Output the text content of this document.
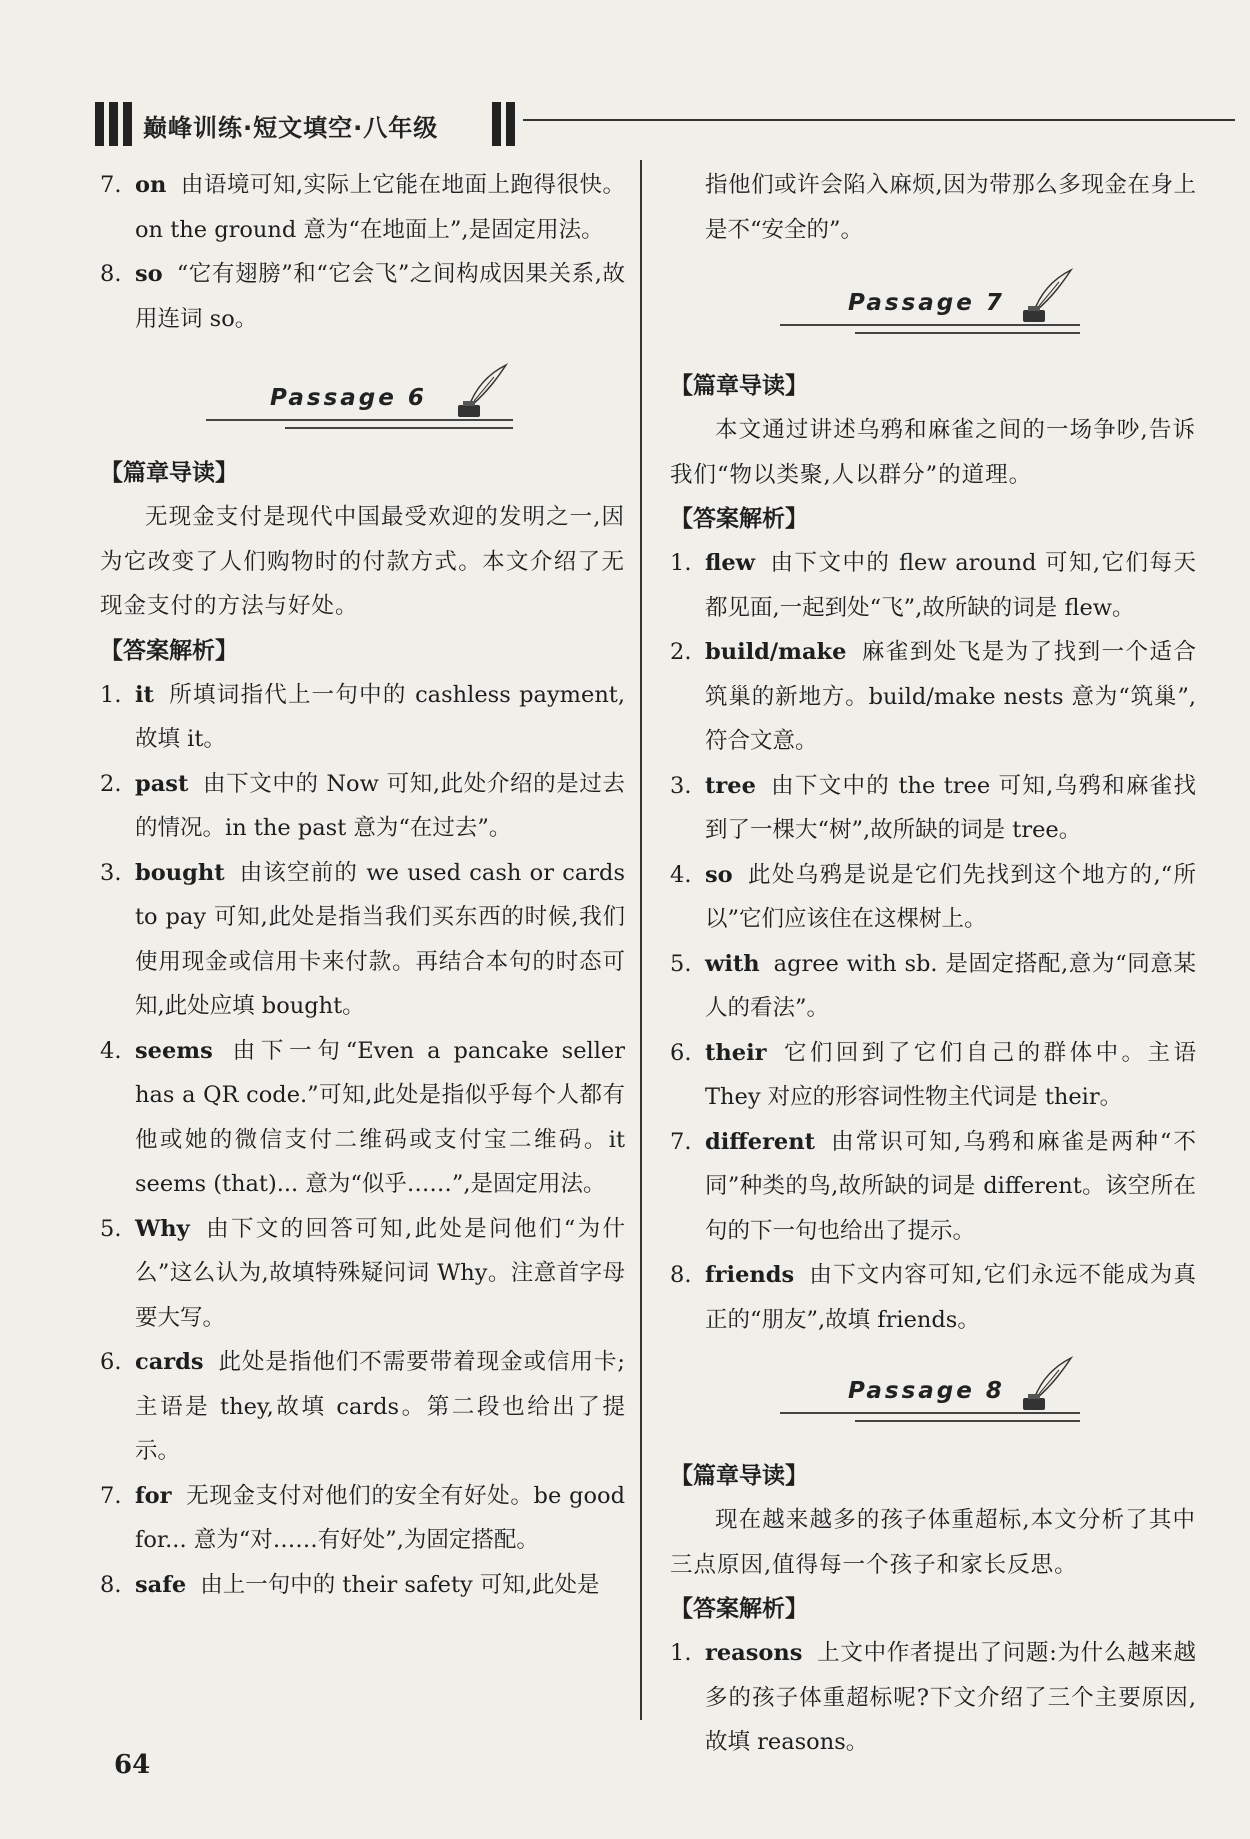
巅峰训练·短文填空·八年级
7. on 由语境可知,实际上它能在地面上跑得很快。on the ground 意为“在地面上”,是固定用法。
8. so “它有翅膀”和“它会飞”之间构成因果关系,故用连词 so。
Passage 6
【篇章导读】
无现金支付是现代中国最受欢迎的发明之一,因为它改变了人们购物时的付款方式。本文介绍了无现金支付的方法与好处。
【答案解析】
1. it 所填词指代上一句中的 cashless payment,故填 it。
2. past 由下文中的 Now 可知,此处介绍的是过去的情况。in the past 意为“在过去”。
3. bought 由该空前的 we used cash or cards to pay 可知,此处是指当我们买东西的时候,我们使用现金或信用卡来付款。再结合本句的时态可知,此处应填 bought。
4. seems 由下一句“Even a pancake seller has a QR code.”可知,此处是指似乎每个人都有他或她的微信支付二维码或支付宝二维码。it seems (that)... 意为“似乎……”,是固定用法。
5. Why 由下文的回答可知,此处是问他们“为什么”这么认为,故填特殊疑问词 Why。注意首字母要大写。
6. cards 此处是指他们不需要带着现金或信用卡;主语是 they,故填 cards。第二段也给出了提示。
7. for 无现金支付对他们的安全有好处。be good for... 意为“对……有好处”,为固定搭配。
8. safe 由上一句中的 their safety 可知,此处是
指他们或许会陷入麻烦,因为带那么多现金在身上是不“安全的”。
Passage 7
【篇章导读】
本文通过讲述乌鸦和麻雀之间的一场争吵,告诉我们“物以类聚,人以群分”的道理。
【答案解析】
1. flew 由下文中的 flew around 可知,它们每天都见面,一起到处“飞”,故所缺的词是 flew。
2. build/make 麻雀到处飞是为了找到一个适合筑巢的新地方。build/make nests 意为“筑巢”,符合文意。
3. tree 由下文中的 the tree 可知,乌鸦和麻雀找到了一棵大“树”,故所缺的词是 tree。
4. so 此处乌鸦是说是它们先找到这个地方的,“所以”它们应该住在这棵树上。
5. with agree with sb. 是固定搭配,意为“同意某人的看法”。
6. their 它们回到了它们自己的群体中。主语 They 对应的形容词性物主代词是 their。
7. different 由常识可知,乌鸦和麻雀是两种“不同”种类的鸟,故所缺的词是 different。该空所在句的下一句也给出了提示。
8. friends 由下文内容可知,它们永远不能成为真正的“朋友”,故填 friends。
Passage 8
【篇章导读】
现在越来越多的孩子体重超标,本文分析了其中三点原因,值得每一个孩子和家长反思。
【答案解析】
1. reasons 上文中作者提出了问题:为什么越来越多的孩子体重超标呢?下文介绍了三个主要原因,故填 reasons。
64
